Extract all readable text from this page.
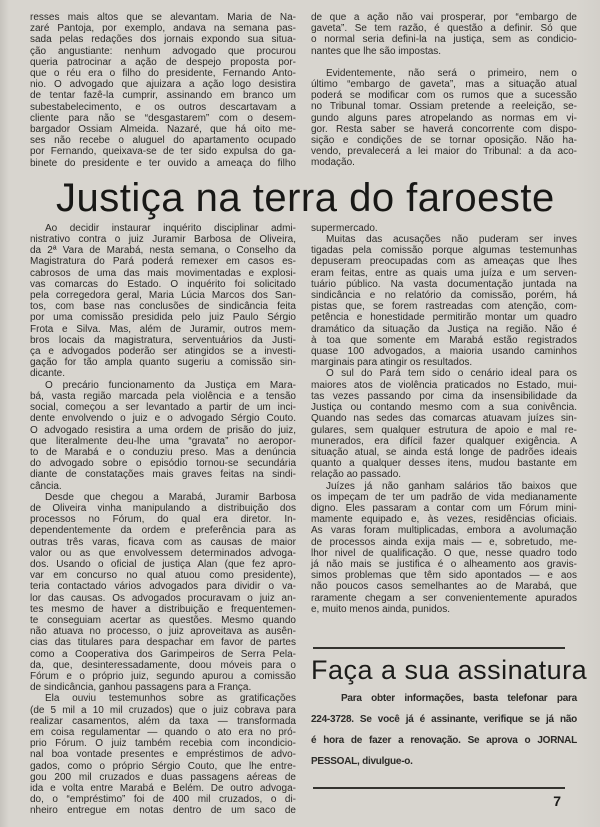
resses mais altos que se alevantam. Maria de Na-
zaré Pantoja, por exemplo, andava na semana pas-
sada pelas redações dos jornais expondo sua situa-
ção angustiante: nenhum advogado que procurou
queria patrocinar a ação de despejo proposta por-
que o réu era o filho do presidente, Fernando Anto-
nio. O advogado que ajuizara a ação logo desistira
de tentar fazê-la cumprir, assinando em branco um
subestabelecimento, e os outros descartavam a
cliente para não se “desgastarem” com o desem-
bargador Ossiam Almeida. Nazaré, que há oito me-
ses não recebe o aluguel do apartamento ocupado
por Fernando, queixava-se de ter sido expulsa do ga-
binete do presidente e ter ouvido a ameaça do filho
de que a ação não vai prosperar, por “embargo de
gaveta”. Se tem razão, é questão a definir. Só que
o normal seria defini-la na justiça, sem as condicio-
nantes que lhe são impostas.
Evidentemente, não será o primeiro, nem o
último “embargo de gaveta”, mas a situação atual
poderá se modificar com os rumos que a sucessão
no Tribunal tomar. Ossiam pretende a reeleição, se-
gundo alguns pares atropelando as normas em vi-
gor. Resta saber se haverá concorrente com dispo-
sição e condições de se tornar oposição. Não ha-
vendo, prevalecerá a lei maior do Tribunal: a da aco-
modação.
Justiça na terra do faroeste
Ao decidir instaurar inquérito disciplinar admi-
nistrativo contra o juiz Juramir Barbosa de Oliveira,
da 2ª Vara de Marabá, nesta semana, o Conselho da
Magistratura do Pará poderá remexer em casos es-
cabrosos de uma das mais movimentadas e explosi-
vas comarcas do Estado. O inquérito foi solicitado
pela corregedora geral, Maria Lúcia Marcos dos San-
tos, com base nas conclusões de sindicância feita
por uma comissão presidida pelo juiz Paulo Sérgio
Frota e Silva. Mas, além de Juramir, outros mem-
bros locais da magistratura, serventuários da Justi-
ça e advogados poderão ser atingidos se a investi-
gação for tão ampla quanto sugeriu a comissão sin-
dicante.
O precário funcionamento da Justiça em Mara-
bá, vasta região marcada pela violência e a tensão
social, começou a ser levantado a partir de um inci-
dente envolvendo o juiz e o advogado Sérgio Couto.
O advogado resistira a uma ordem de prisão do juiz,
que literalmente deu-lhe uma “gravata” no aeropor-
to de Marabá e o conduziu preso. Mas a denúncia
do advogado sobre o episódio tornou-se secundária
diante de constatações mais graves feitas na sindi-
cância.
Desde que chegou a Marabá, Juramir Barbosa
de Oliveira vinha manipulando a distribuição dos
processos no Fórum, do qual era diretor. In-
dependentemente da ordem e preferência para as
outras três varas, ficava com as causas de maior
valor ou as que envolvessem determinados advoga-
dos. Usando o oficial de justiça Alan (que fez apro-
var em concurso no qual atuou como presidente),
teria contactado vários advogados para dividir o va-
lor das causas. Os advogados procuravam o juiz an-
tes mesmo de haver a distribuição e frequentemen-
te conseguiam acertar as questões. Mesmo quando
não atuava no processo, o juiz aproveitava as ausên-
cias das titulares para despachar em favor de partes
como a Cooperativa dos Garimpeiros de Serra Pela-
da, que, desinteressadamente, doou móveis para o
Fórum e o próprio juiz, segundo apurou a comissão
de sindicância, ganhou passagens para a França.
Ela ouviu testemunhos sobre as gratificações
(de 5 mil a 10 mil cruzados) que o juiz cobrava para
realizar casamentos, além da taxa — transformada
em coisa regulamentar — quando o ato era no pró-
prio Fórum. O juiz também recebia com incondicio-
nal boa vontade presentes e empréstimos de advo-
gados, como o próprio Sérgio Couto, que lhe entre-
gou 200 mil cruzados e duas passagens aéreas de
ida e volta entre Marabá e Belém. De outro advoga-
do, o “empréstimo” foi de 400 mil cruzados, o di-
nheiro entregue em notas dentro de um saco de
supermercado.
Muitas das acusações não puderam ser inves
tigadas pela comissão porque algumas testemunhas
depuseram preocupadas com as ameaças que lhes
eram feitas, entre as quais uma juíza e um serven-
tuário público. Na vasta documentação juntada na
sindicância e no relatório da comissão, porém, há
pistas que, se forem rastreadas com atenção, com-
petência e honestidade permitirão montar um quadro
dramático da situação da Justiça na região. Não é
à toa que somente em Marabá estão registrados
quase 100 advogados, a maioria usando caminhos
marginais para atingir os resultados.
O sul do Pará tem sido o cenário ideal para os
maiores atos de violência praticados no Estado, mui-
tas vezes passando por cima da insensibilidade da
Justiça ou contando mesmo com a sua conivência.
Quando nas sedes das comarcas atuavam juízes sin-
gulares, sem qualquer estrutura de apoio e mal re-
munerados, era difícil fazer qualquer exigência. A
situação atual, se ainda está longe de padrões ideais
quanto a qualquer desses itens, mudou bastante em
relação ao passado.
Juízes já não ganham salários tão baixos que
os impeçam de ter um padrão de vida medianamente
digno. Eles passaram a contar com um Fórum mini-
mamente equipado e, às vezes, residências oficiais.
As varas foram multiplicadas, embora a avolumação
de processos ainda exija mais — e, sobretudo, me-
lhor nivel de qualificação. O que, nesse quadro todo
já não mais se justifica é o alheamento aos gravis-
simos problemas que têm sido apontados — e aos
não poucos casos semelhantes ao de Marabá, que
raramente chegam a ser convenientemente apurados
e, muito menos ainda, punidos.
Faça a sua assinatura
Para obter informações, basta telefonar para
224-3728. Se você já é assinante, verifique se já não
é hora de fazer a renovação. Se aprova o JORNAL
PESSOAL, divulgue-o.
7
